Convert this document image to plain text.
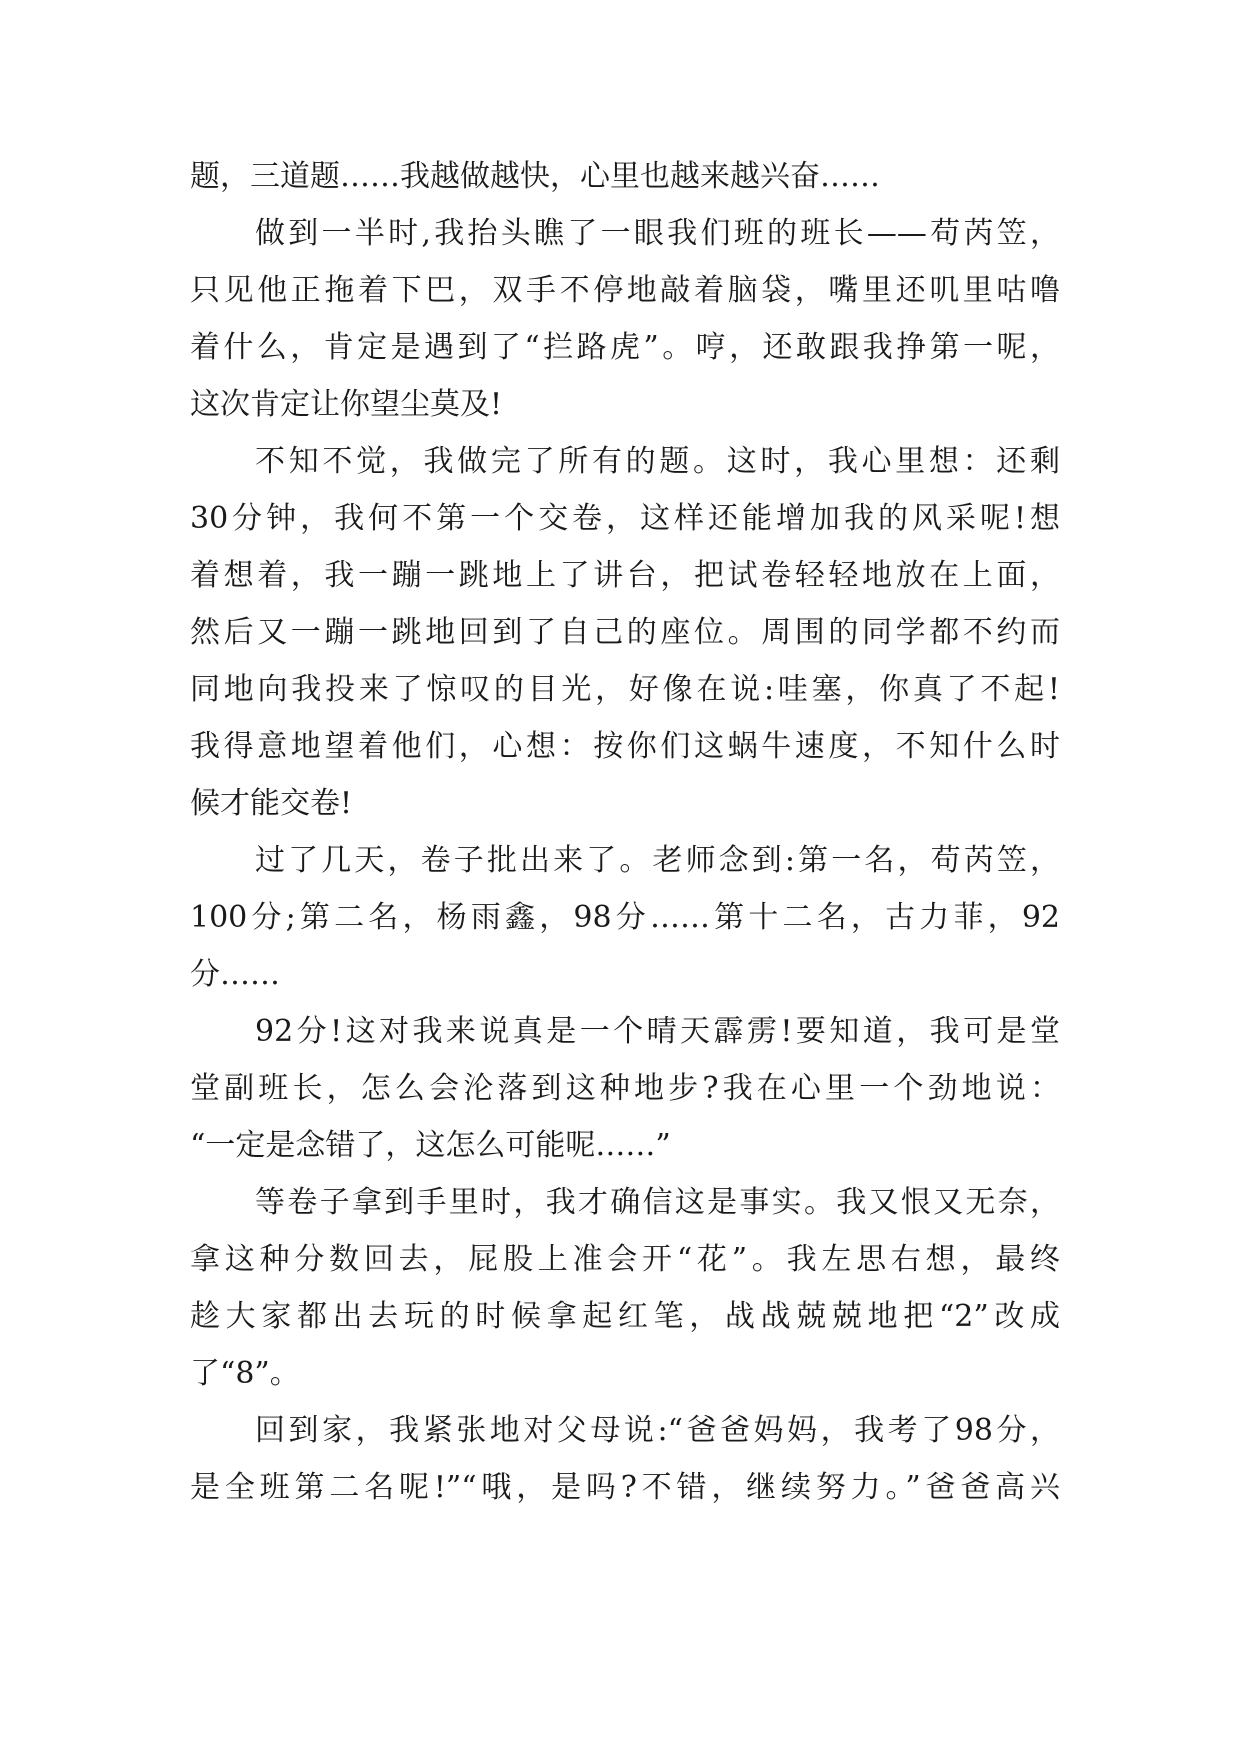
题，三道题……我越做越快，心里也越来越兴奋……
做到一半时,我抬头瞧了一眼我们班的班长——苟芮笠，
只见他正拖着下巴，双手不停地敲着脑袋，嘴里还叽里咕噜
着什么，肯定是遇到了“拦路虎”。哼，还敢跟我挣第一呢，
这次肯定让你望尘莫及!
不知不觉，我做完了所有的题。这时，我心里想：还剩
30分钟，我何不第一个交卷，这样还能增加我的风采呢!想
着想着，我一蹦一跳地上了讲台，把试卷轻轻地放在上面，
然后又一蹦一跳地回到了自己的座位。周围的同学都不约而
同地向我投来了惊叹的目光，好像在说:哇塞，你真了不起!
我得意地望着他们，心想：按你们这蜗牛速度，不知什么时
候才能交卷!
过了几天，卷子批出来了。老师念到:第一名，苟芮笠，
100分;第二名，杨雨鑫，98分……第十二名，古力菲，92
分……
92分!这对我来说真是一个晴天霹雳!要知道，我可是堂
堂副班长，怎么会沦落到这种地步?我在心里一个劲地说：
“一定是念错了，这怎么可能呢……”
等卷子拿到手里时，我才确信这是事实。我又恨又无奈，
拿这种分数回去，屁股上准会开“花”。我左思右想，最终
趁大家都出去玩的时候拿起红笔，战战兢兢地把“2”改成
了“8”。
回到家，我紧张地对父母说:“爸爸妈妈，我考了98分，
是全班第二名呢!”“哦，是吗?不错，继续努力。”爸爸高兴
